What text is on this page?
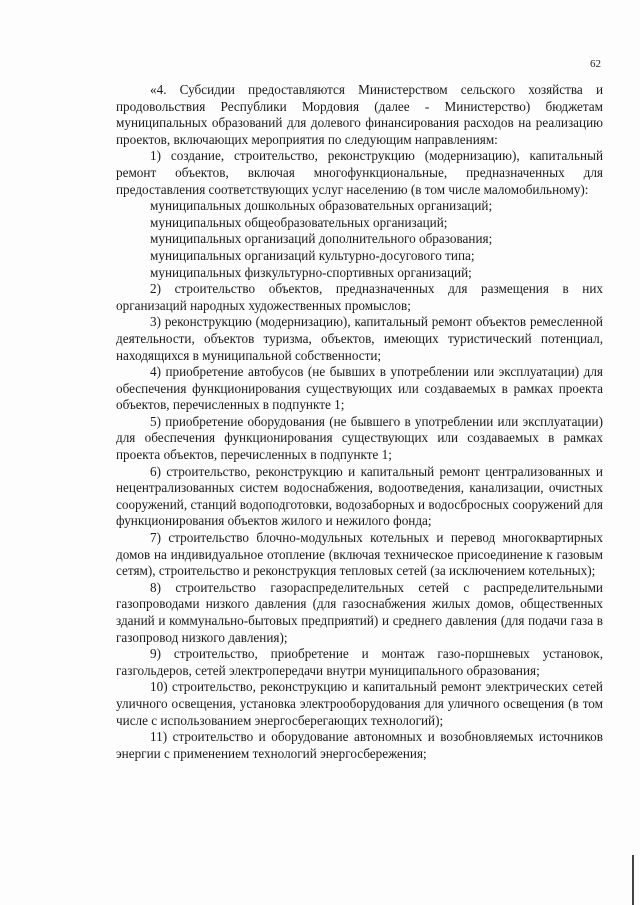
62

«4. Субсидии предоставляются Министерством сельского хозяйства и продовольствия Республики Мордовия (далее - Министерство) бюджетам муниципальных образований для долевого финансирования расходов на реализацию проектов, включающих мероприятия по следующим направлениям:

1) создание, строительство, реконструкцию (модернизацию), капитальный ремонт объектов, включая многофункциональные, предназначенных для предоставления соответствующих услуг населению (в том числе маломобильному):

муниципальных дошкольных образовательных организаций;

муниципальных общеобразовательных организаций;

муниципальных организаций дополнительного образования;

муниципальных организаций культурно-досугового типа;

муниципальных физкультурно-спортивных организаций;

2) строительство объектов, предназначенных для размещения в них организаций народных художественных промыслов;

3) реконструкцию (модернизацию), капитальный ремонт объектов ремесленной деятельности, объектов туризма, объектов, имеющих туристический потенциал, находящихся в муниципальной собственности;

4) приобретение автобусов (не бывших в употреблении или эксплуатации) для обеспечения функционирования существующих или создаваемых в рамках проекта объектов, перечисленных в подпункте 1;

5) приобретение оборудования (не бывшего в употреблении или эксплуатации) для обеспечения функционирования существующих или создаваемых в рамках проекта объектов, перечисленных в подпункте 1;

6) строительство, реконструкцию и капитальный ремонт централизованных и нецентрализованных систем водоснабжения, водоотведения, канализации, очистных сооружений, станций водоподготовки, водозаборных и водосбросных сооружений для функционирования объектов жилого и нежилого фонда;

7) строительство блочно-модульных котельных и перевод многоквартирных домов на индивидуальное отопление (включая техническое присоединение к газовым сетям), строительство и реконструкция тепловых сетей (за исключением котельных);

8) строительство газораспределительных сетей с распределительными газопроводами низкого давления (для газоснабжения жилых домов, общественных зданий и коммунально-бытовых предприятий) и среднего давления (для подачи газа в газопровод низкого давления);

9) строительство, приобретение и монтаж газо-поршневых установок, газгольдеров, сетей электропередачи внутри муниципального образования;

10) строительство, реконструкцию и капитальный ремонт электрических сетей уличного освещения, установка электрооборудования для уличного освещения (в том числе с использованием энергосберегающих технологий);

11) строительство и оборудование автономных и возобновляемых источников энергии с применением технологий энергосбережения;
